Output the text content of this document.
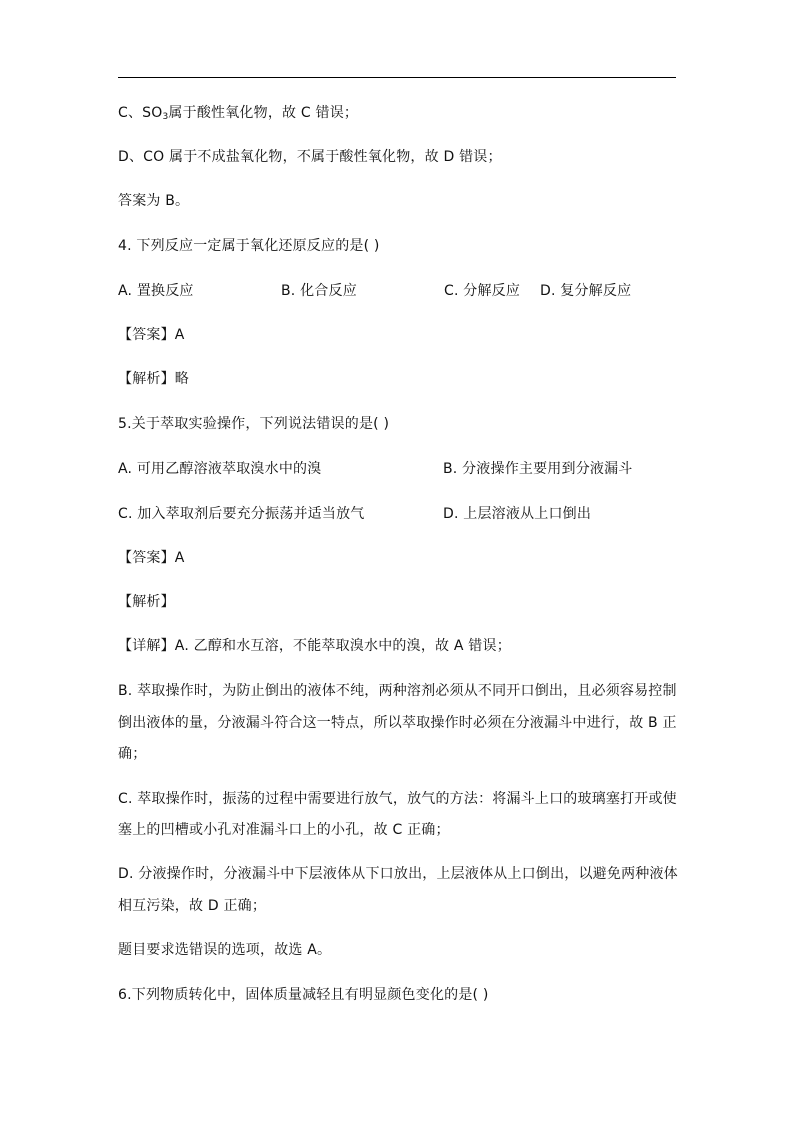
C、$SO_3$属于酸性氧化物，故 C 错误；
D、CO 属于不成盐氧化物，不属于酸性氧化物，故 D 错误；
答案为 B。
4. 下列反应一定属于氧化还原反应的是( )
A. 置换反应	B. 化合反应	C. 分解反应 D. 复分解反应
【答案】A
【解析】略
5.关于萃取实验操作，下列说法错误的是( )
A. 可用乙醇溶液萃取溴水中的溴	B. 分液操作主要用到分液漏斗
C. 加入萃取剂后要充分振荡并适当放气	D. 上层溶液从上口倒出
【答案】A
【解析】
【详解】A. 乙醇和水互溶，不能萃取溴水中的溴，故 A 错误；
B. 萃取操作时，为防止倒出的液体不纯，两种溶剂必须从不同开口倒出，且必须容易控制
倒出液体的量，分液漏斗符合这一特点，所以萃取操作时必须在分液漏斗中进行，故 B 正
确；
C. 萃取操作时，振荡的过程中需要进行放气，放气的方法：将漏斗上口的玻璃塞打开或使
塞上的凹槽或小孔对准漏斗口上的小孔，故 C 正确；
D. 分液操作时，分液漏斗中下层液体从下口放出，上层液体从上口倒出，以避免两种液体
相互污染，故 D 正确；
题目要求选错误的选项，故选 A。
6.下列物质转化中，固体质量减轻且有明显颜色变化的是( )
